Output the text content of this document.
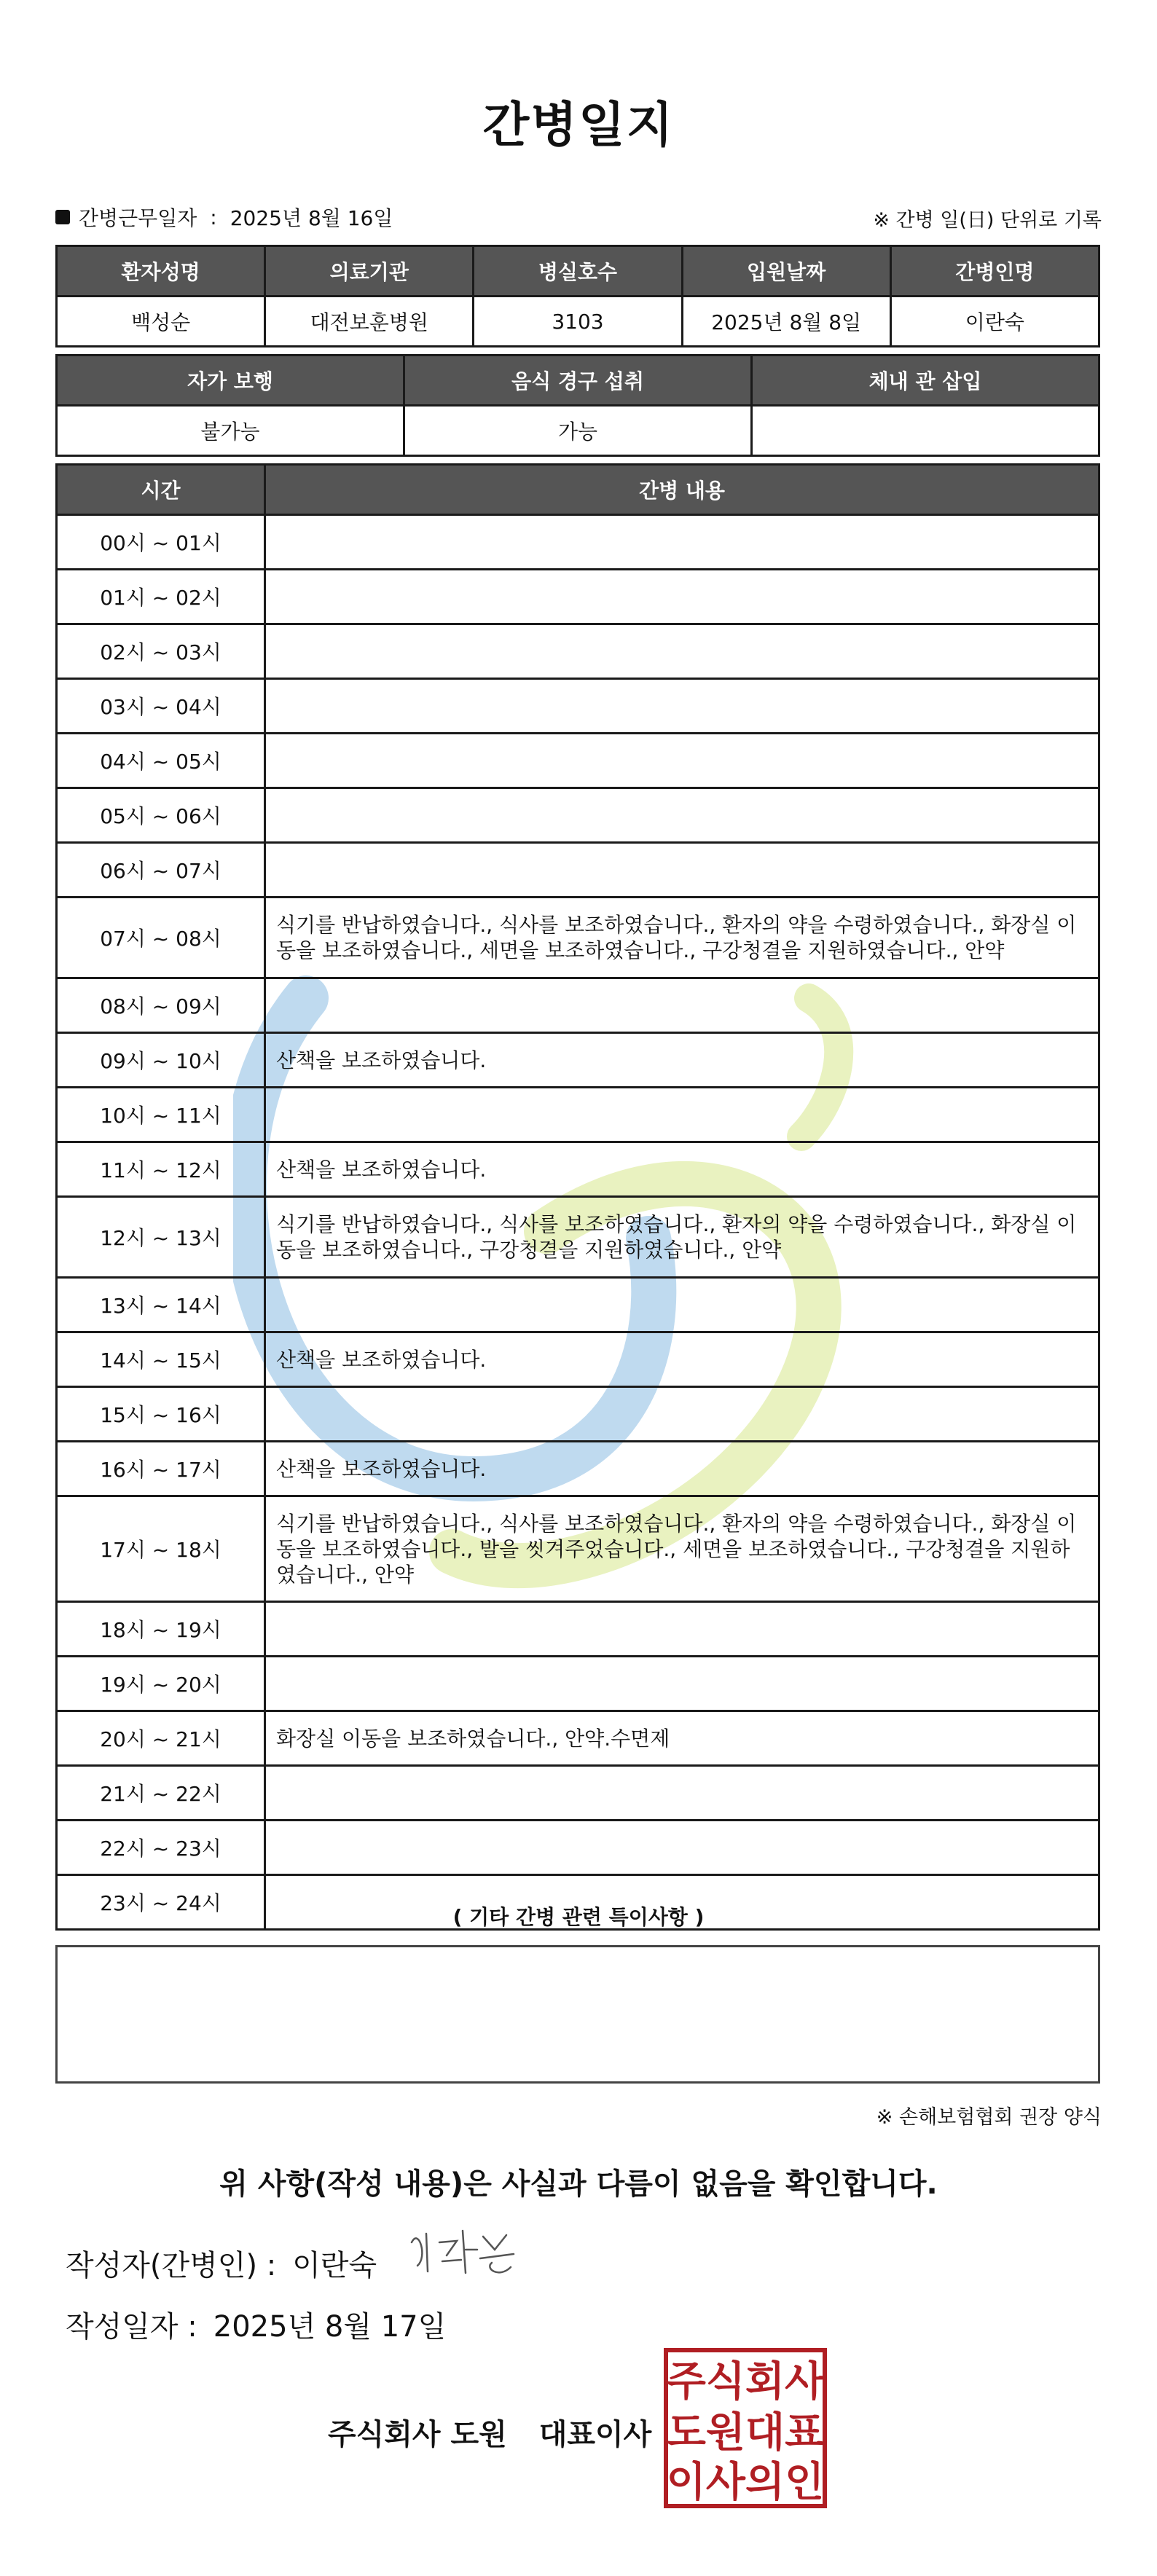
간병일지
간병근무일자 : 2025년 8월 16일	※ 간병 일(日) 단위로 기록
환자성명	의료기관	병실호수	입원날짜	간병인명
백성순	대전보훈병원	3103	2025년 8월 8일	이란숙
자가 보행	음식 경구 섭취	체내 관 삽입
불가능	가능	
시간	간병 내용
00시 ~ 01시	
01시 ~ 02시	
02시 ~ 03시	
03시 ~ 04시	
04시 ~ 05시	
05시 ~ 06시	
06시 ~ 07시	
07시 ~ 08시	식기를 반납하였습니다., 식사를 보조하였습니다., 환자의 약을 수령하였습니다., 화장실 이동을 보조하였습니다., 세면을 보조하였습니다., 구강청결을 지원하였습니다., 안약
08시 ~ 09시	
09시 ~ 10시	산책을 보조하였습니다.
10시 ~ 11시	
11시 ~ 12시	산책을 보조하였습니다.
12시 ~ 13시	식기를 반납하였습니다., 식사를 보조하였습니다., 환자의 약을 수령하였습니다., 화장실 이동을 보조하였습니다., 구강청결을 지원하였습니다., 안약
13시 ~ 14시	
14시 ~ 15시	산책을 보조하였습니다.
15시 ~ 16시	
16시 ~ 17시	산책을 보조하였습니다.
17시 ~ 18시	식기를 반납하였습니다., 식사를 보조하였습니다., 환자의 약을 수령하였습니다., 화장실 이동을 보조하였습니다., 발을 씻겨주었습니다., 세면을 보조하였습니다., 구강청결을 지원하였습니다., 안약
18시 ~ 19시	
19시 ~ 20시	
20시 ~ 21시	화장실 이동을 보조하였습니다., 안약.수면제
21시 ~ 22시	
22시 ~ 23시	
23시 ~ 24시	
( 기타 간병 관련 특이사항 )
※ 손해보험협회 권장 양식
위 사항(작성 내용)은 사실과 다름이 없음을 확인합니다.
작성자(간병인) : 이란숙
작성일자 : 2025년 8월 17일
주식회사 도원 대표이사
주식회사
도원대표
이사의인
